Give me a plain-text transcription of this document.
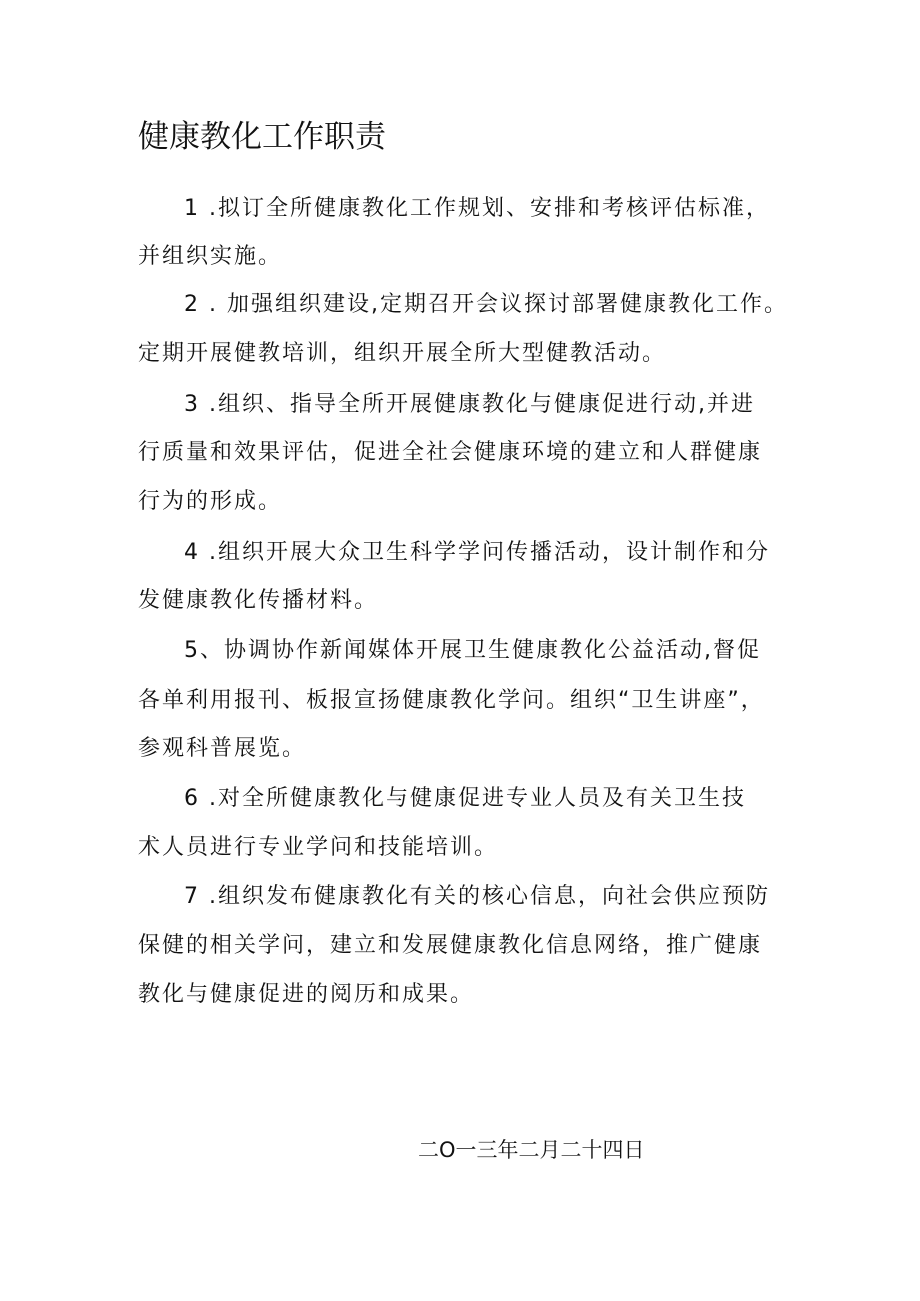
健康教化工作职责

1 .拟订全所健康教化工作规划、安排和考核评估标准，

并组织实施。

2 . 加强组织建设,定期召开会议探讨部署健康教化工作。

定期开展健教培训，组织开展全所大型健教活动。

3 .组织、指导全所开展健康教化与健康促进行动,并进

行质量和效果评估，促进全社会健康环境的建立和人群健康

行为的形成。

4 .组织开展大众卫生科学学问传播活动，设计制作和分

发健康教化传播材料。

5、协调协作新闻媒体开展卫生健康教化公益活动,督促

各单利用报刊、板报宣扬健康教化学问。组织“卫生讲座”，

参观科普展览。

6 .对全所健康教化与健康促进专业人员及有关卫生技

术人员进行专业学问和技能培训。

7 .组织发布健康教化有关的核心信息，向社会供应预防

保健的相关学问，建立和发展健康教化信息网络，推广健康

教化与健康促进的阅历和成果。

二O一三年二月二十四日
